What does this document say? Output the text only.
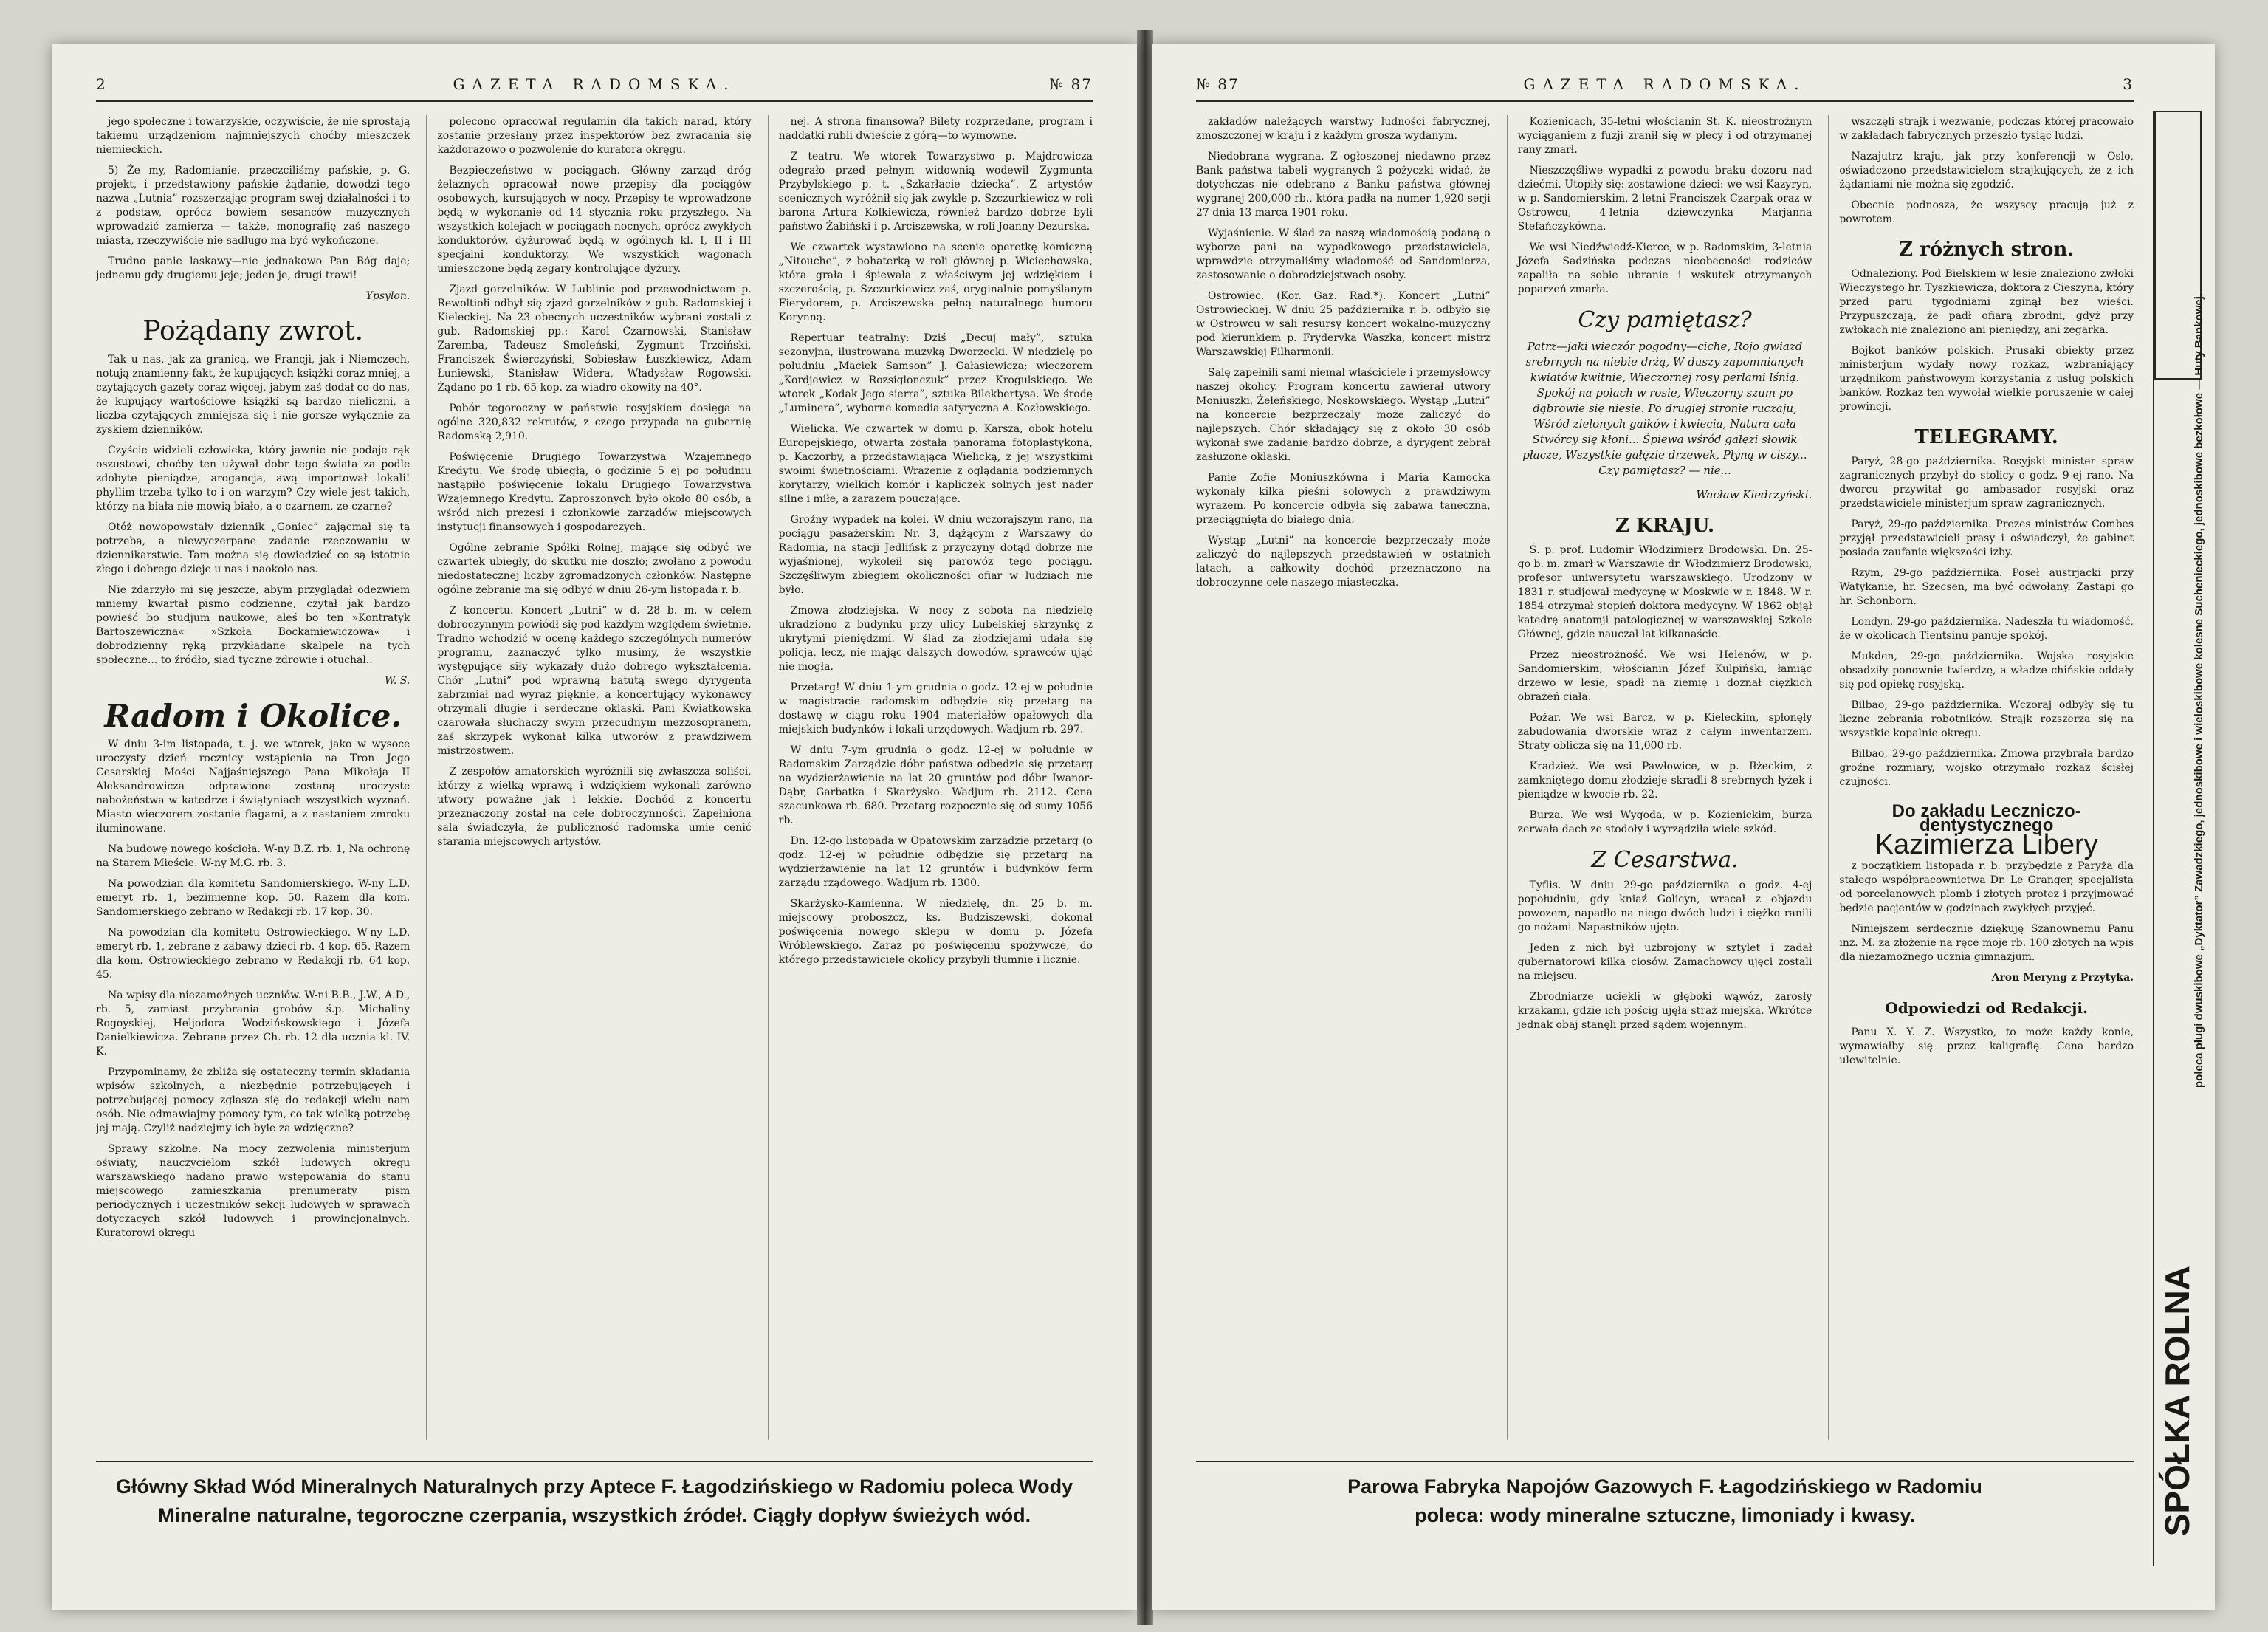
2	GAZETA RADOMSKA.	№ 87

jego społeczne i towarzyskie, oczywiście, że nie sprostają takiemu urządzeniom najmniejszych choćby mieszczek niemieckich.

5) Że my, Radomianie, przeczciliśmy pańskie, p. G. projekt, i przedstawiony pańskie żądanie, dowodzi tego nazwa „Lutnia” rozszerzając program swej działalności i to z podstaw, oprócz bowiem sesanców muzycznych wprowadzić zamierza — także, monografię zaś naszego miasta, rzeczywiście nie sadlugo ma być wykończone.

Trudno panie laskawy—nie jednakowo Pan Bóg daje; jednemu gdy drugiemu jeje; jeden je, drugi trawi!

Ypsylon.

Pożądany zwrot.

Tak u nas, jak za granicą, we Francji, jak i Niemczech, notują znamienny fakt, że kupujących książki coraz mniej, a czytających gazety coraz więcej, jabym zaś dodał co do nas, że kupujący wartościowe książki są bardzo nieliczni, a liczba czytających zmniejsza się i nie gorsze wyłącznie za zyskiem dzienników.

Czyście widzieli człowieka, który jawnie nie podaje rąk oszustowi, choćby ten używał dobr tego świata za podle zdobyte pieniądze, arogancja, awą importował lokali! phyllim trzeba tylko to i on warzym? Czy wiele jest takich, którzy na biała nie mowią biało, a o czarnem, ze czarne?

Otóż nowopowstały dziennik „Goniec” zającmał się tą potrzebą, a niewyczerpane zadanie rzeczowaniu w dziennikarstwie. Tam można się dowiedzieć co są istotnie złego i dobrego dzieje u nas i naokoło nas.

Nie zdarzyło mi się jeszcze, abym przyglądał odezwiem mniemy kwartał pismo codzienne, czytał jak bardzo powieść bo studjum naukowe, aleś bo ten »Kontratyk Bartoszewiczna« »Szkoła Bockamiewiczowa« i dobrodzienny ręką przykładane skalpele na tych społeczne... to źródło, siad tyczne zdrowie i otuchal..

W. S.

Radom i Okolice.

W dniu 3-im listopada, t. j. we wtorek, jako w wysoce uroczysty dzień rocznicy wstąpienia na Tron Jego Cesarskiej Mości Najjaśniejszego Pana Mikołaja II Aleksandrowicza odprawione zostaną uroczyste nabożeństwa w katedrze i świątyniach wszystkich wyznań. Miasto wieczorem zostanie flagami, a z nastaniem zmroku iluminowane.

Na budowę nowego kościoła. W-ny B.Z. rb. 1, Na ochronę na Starem Mieście. W-ny M.G. rb. 3.

Na powodzian dla komitetu Sandomierskiego. W-ny L.D. emeryt rb. 1, bezimienne kop. 50. Razem dla kom. Sandomierskiego zebrano w Redakcji rb. 17 kop. 30.

Na powodzian dla komitetu Ostrowieckiego. W-ny L.D. emeryt rb. 1, zebrane z zabawy dzieci rb. 4 kop. 65. Razem dla kom. Ostrowieckiego zebrano w Redakcji rb. 64 kop. 45.

Na wpisy dla niezamożnych uczniów. W-ni B.B., J.W., A.D., rb. 5, zamiast przybrania grobów ś.p. Michaliny Rogoyskiej, Heljodora Wodzińskowskiego i Józefa Danielkiewicza. Zebrane przez Ch. rb. 12 dla ucznia kl. IV. K.

Przypominamy, że zbliża się ostateczny termin składania wpisów szkolnych, a niezbędnie potrzebujących i potrzebującej pomocy zglasza się do redakcji wielu nam osób. Nie odmawiajmy pomocy tym, co tak wielką potrzebę jej mają. Czyliż nadziejmy ich byle za wdzięczne?

Sprawy szkolne. Na mocy zezwolenia ministerjum oświaty, nauczycielom szkół ludowych okręgu warszawskiego nadano prawo wstępowania do stanu miejscowego zamieszkania prenumeraty pism periodycznych i uczestników sekcji ludowych w sprawach dotyczących szkół ludowych i prowincjonalnych. Kuratorowi okręgu

polecono opracował regulamin dla takich narad, który zostanie przesłany przez inspektorów bez zwracania się każdorazowo o pozwolenie do kuratora okręgu.

Bezpieczeństwo w pociągach. Główny zarząd dróg żelaznych opracował nowe przepisy dla pociągów osobowych, kursujących w nocy. Przepisy te wprowadzone będą w wykonanie od 14 stycznia roku przyszłego. Na wszystkich kolejach w pociągach nocnych, oprócz zwykłych konduktorów, dyżurować będą w ogólnych kl. I, II i III specjalni konduktorzy. We wszystkich wagonach umieszczone będą zegary kontrolujące dyżury.

Zjazd gorzelników. W Lublinie pod przewodnictwem p. Rewoltiołi odbył się zjazd gorzelników z gub. Radomskiej i Kieleckiej. Na 23 obecnych uczestników wybrani zostali z gub. Radomskiej pp.: Karol Czarnowski, Stanisław Zaremba, Tadeusz Smoleński, Zygmunt Trzciński, Franciszek Świerczyński, Sobiesław Łuszkiewicz, Adam Łuniewski, Stanisław Widera, Władysław Rogowski. Żądano po 1 rb. 65 kop. za wiadro okowity na 40°.

Pobór tegoroczny w państwie rosyjskiem dosięga na ogólne 320,832 rekrutów, z czego przypada na gubernię Radomską 2,910.

Poświęcenie Drugiego Towarzystwa Wzajemnego Kredytu. We środę ubiegłą, o godzinie 5 ej po południu nastąpiło poświęcenie lokalu Drugiego Towarzystwa Wzajemnego Kredytu. Zaproszonych było około 80 osób, a wśród nich prezesi i członkowie zarządów miejscowych instytucji finansowych i gospodarczych.

Ogólne zebranie Spółki Rolnej, mające się odbyć we czwartek ubiegły, do skutku nie doszło; zwołano z powodu niedostatecznej liczby zgromadzonych członków. Następne ogólne zebranie ma się odbyć w dniu 26-ym listopada r. b.

Z koncertu. Koncert „Lutni” w d. 28 b. m. w celem dobroczynnym powiódł się pod każdym względem świetnie. Tradno wchodzić w ocenę każdego szczególnych numerów programu, zaznaczyć tylko musimy, że wszystkie występujące siły wykazały dużo dobrego wykształcenia. Chór „Lutni” pod wprawną batutą swego dyrygenta zabrzmiał nad wyraz pięknie, a koncertujący wykonawcy otrzymali długie i serdeczne oklaski. Pani Kwiatkowska czarowała słuchaczy swym przecudnym mezzosopranem, zaś skrzypek wykonał kilka utworów z prawdziwem mistrzostwem.

Z zespołów amatorskich wyróżnili się zwłaszcza soliści, którzy z wielką wprawą i wdziękiem wykonali zarówno utwory poważne jak i lekkie. Dochód z koncertu przeznaczony został na cele dobroczynności. Zapełniona sala świadczyła, że publiczność radomska umie cenić starania miejscowych artystów.

nej. A strona finansowa? Bilety rozprzedane, program i naddatki rubli dwieście z górą—to wymowne.

Z teatru. We wtorek Towarzystwo p. Majdrowicza odegrało przed pełnym widownią wodewil Zygmunta Przybylskiego p. t. „Szkarłacie dziecka”. Z artystów scenicznych wyróżnił się jak zwykle p. Szczurkiewicz w roli barona Artura Kolkiewicza, również bardzo dobrze byli państwo Żabiński i p. Arciszewska, w roli Joanny Dezurska.

We czwartek wystawiono na scenie operetkę komiczną „Nitouche”, z bohaterką w roli głównej p. Wiciechowska, która grała i śpiewała z właściwym jej wdziękiem i szczerością, p. Szczurkiewicz zaś, oryginalnie pomyślanym Fierydorem, p. Arciszewska pełną naturalnego humoru Korynną.

Repertuar teatralny: Dziś „Decuj mały”, sztuka sezonyjna, ilustrowana muzyką Dworzecki. W niedzielę po południu „Maciek Samson” J. Gałasiewicza; wieczorem „Kordjewicz w Rozsiglonczuk” przez Krogulskiego. We wtorek „Kodak Jego sierra”, sztuka Bilekbertysa. We środę „Luminera”, wyborne komedia satyryczna A. Kozłowskiego.

Wielicka. We czwartek w domu p. Karsza, obok hotelu Europejskiego, otwarta została panorama fotoplastykona, p. Kaczorby, a przedstawiająca Wielicką, z jej wszystkimi swoimi świetnościami. Wrażenie z oglądania podziemnych korytarzy, wielkich komór i kapliczek solnych jest nader silne i miłe, a zarazem pouczające.

Groźny wypadek na kolei. W dniu wczorajszym rano, na pociągu pasażerskim Nr. 3, dążącym z Warszawy do Radomia, na stacji Jedlińsk z przyczyny dotąd dobrze nie wyjaśnionej, wykoleił się parowóz tego pociągu. Szczęśliwym zbiegiem okoliczności ofiar w ludziach nie było.

Zmowa złodziejska. W nocy z sobota na niedzielę ukradziono z budynku przy ulicy Lubelskiej skrzynkę z ukrytymi pieniędzmi. W ślad za złodziejami udała się policja, lecz, nie mając dalszych dowodów, sprawców ująć nie mogła.

Przetarg! W dniu 1-ym grudnia o godz. 12-ej w południe w magistracie radomskim odbędzie się przetarg na dostawę w ciągu roku 1904 materiałów opałowych dla miejskich budynków i lokali urzędowych. Wadjum rb. 297.

W dniu 7-ym grudnia o godz. 12-ej w południe w Radomskim Zarządzie dóbr państwa odbędzie się przetarg na wydzierżawienie na lat 20 gruntów pod dóbr Iwanor-Dąbr, Garbatka i Skarżysko. Wadjum rb. 2112. Cena szacunkowa rb. 680. Przetarg rozpocznie się od sumy 1056 rb.

Dn. 12-go listopada w Opatowskim zarządzie przetarg (o godz. 12-ej w południe odbędzie się przetarg na wydzierżawienie na lat 12 gruntów i budynków ferm zarządu rządowego. Wadjum rb. 1300.

Skarżysko-Kamienna. W niedzielę, dn. 25 b. m. miejscowy proboszcz, ks. Budziszewski, dokonał poświęcenia nowego sklepu w domu p. Józefa Wróblewskiego. Zaraz po poświęceniu spożywcze, do którego przedstawiciele okolicy przybyli tłumnie i licznie.

Główny Skład Wód Mineralnych Naturalnych przy Aptece F. Łagodzińskiego w Radomiu poleca Wody
Mineralne naturalne, tegoroczne czerpania, wszystkich źródeł. Ciągły dopływ świeżych wód.
№ 87	GAZETA RADOMSKA.	3

zakładów należących warstwy ludności fabrycznej, zmoszczonej w kraju i z każdym grosza wydanym.

Niedobrana wygrana. Z ogłoszonej niedawno przez Bank państwa tabeli wygranych 2 pożyczki widać, że dotychczas nie odebrano z Banku państwa głównej wygranej 200,000 rb., która padła na numer 1,920 serji 27 dnia 13 marca 1901 roku.

Wyjaśnienie. W ślad za naszą wiadomością podaną o wyborze pani na wypadkowego przedstawiciela, wprawdzie otrzymaliśmy wiadomość od Sandomierza, zastosowanie o dobrodziejstwach osoby.

Ostrowiec. (Kor. Gaz. Rad.*). Koncert „Lutni” Ostrowieckiej. W dniu 25 października r. b. odbyło się w Ostrowcu w sali resursy koncert wokalno-muzyczny pod kierunkiem p. Fryderyka Waszka, koncert mistrz Warszawskiej Filharmonii.

Salę zapełnili sami niemal właściciele i przemysłowcy naszej okolicy. Program koncertu zawierał utwory Moniuszki, Żeleńskiego, Noskowskiego. Wystąp „Lutni” na koncercie bezprzeczaly może zaliczyć do najlepszych. Chór składający się z około 30 osób wykonał swe zadanie bardzo dobrze, a dyrygent zebrał zasłużone oklaski.

Panie Zofie Moniuszkówna i Maria Kamocka wykonały kilka pieśni solowych z prawdziwym wyrazem. Po koncercie odbyła się zabawa taneczna, przeciągnięta do białego dnia.

Wystąp „Lutni” na koncercie bezprzeczały może zaliczyć do najlepszych przedstawień w ostatnich latach, a całkowity dochód przeznaczono na dobroczynne cele naszego miasteczka.

Kozienicach, 35-letni włościanin St. K. nieostrożnym wyciąganiem z fuzji zranił się w plecy i od otrzymanej rany zmarł.

Nieszczęśliwe wypadki z powodu braku dozoru nad dziećmi. Utopiły się: zostawione dzieci: we wsi Kazyryn, w p. Sandomierskim, 2-letni Franciszek Czarpak oraz w Ostrowcu, 4-letnia dziewczynka Marjanna Stefańczykówna.

We wsi Niedźwiedź-Kierce, w p. Radomskim, 3-letnia Józefa Sadzińska podczas nieobecności rodziców zapaliła na sobie ubranie i wskutek otrzymanych poparzeń zmarła.

Czy pamiętasz?

Patrz—jaki wieczór pogodny—ciche, Rojo gwiazd srebrnych na niebie drżą, W duszy zapomnianych kwiatów kwitnie, Wieczornej rosy perlami lśnią. Spokój na polach w rosie, Wieczorny szum po dąbrowie się niesie. Po drugiej stronie ruczaju, Wśród zielonych gaików i kwiecia, Natura cała Stwórcy się kłoni... Śpiewa wśród gałęzi słowik płacze, Wszystkie gałęzie drzewek, Płyną w ciszy... Czy pamiętasz? — nie...

Wacław Kiedrzyński.

Z KRAJU.

Ś. p. prof. Ludomir Włodzimierz Brodowski. Dn. 25-go b. m. zmarł w Warszawie dr. Włodzimierz Brodowski, profesor uniwersytetu warszawskiego. Urodzony w 1831 r. studjował medycynę w Moskwie w r. 1848. W r. 1854 otrzymał stopień doktora medycyny. W 1862 objął katedrę anatomji patologicznej w warszawskiej Szkole Głównej, gdzie nauczał lat kilkanaście.

Przez nieostrożność. We wsi Helenów, w p. Sandomierskim, włościanin Józef Kulpiński, łamiąc drzewo w lesie, spadł na ziemię i doznał ciężkich obrażeń ciała.

Pożar. We wsi Barcz, w p. Kieleckim, spłonęły zabudowania dworskie wraz z całym inwentarzem. Straty oblicza się na 11,000 rb.

Kradzież. We wsi Pawłowice, w p. Iłżeckim, z zamkniętego domu złodzieje skradli 8 srebrnych łyżek i pieniądze w kwocie rb. 22.

Burza. We wsi Wygoda, w p. Kozienickim, burza zerwała dach ze stodoły i wyrządziła wiele szkód.

Z Cesarstwa.

Tyflis. W dniu 29-go października o godz. 4-ej popołudniu, gdy kniaź Golicyn, wracał z objazdu powozem, napadło na niego dwóch ludzi i ciężko ranili go nożami. Napastników ujęto.

Jeden z nich był uzbrojony w sztylet i zadał gubernatorowi kilka ciosów. Zamachowcy ujęci zostali na miejscu.

Zbrodniarze uciekli w głęboki wąwóz, zarosły krzakami, gdzie ich pościg ujęła straż miejska. Wkrótce jednak obaj stanęli przed sądem wojennym.

wszczęli strajk i wezwanie, podczas której pracowało w zakładach fabrycznych przeszło tysiąc ludzi.

Nazajutrz kraju, jak przy konferencji w Oslo, oświadczono przedstawicielom strajkujących, że z ich żądaniami nie można się zgodzić.

Obecnie podnoszą, że wszyscy pracują już z powrotem.

Z różnych stron.

Odnaleziony. Pod Bielskiem w lesie znaleziono zwłoki Wieczystego hr. Tyszkiewicza, doktora z Cieszyna, który przed paru tygodniami zginął bez wieści. Przypuszczają, że padł ofiarą zbrodni, gdyż przy zwłokach nie znaleziono ani pieniędzy, ani zegarka.

Bojkot banków polskich. Prusaki obiekty przez ministerjum wydały nowy rozkaz, wzbraniający urzędnikom państwowym korzystania z usług polskich banków. Rozkaz ten wywołał wielkie poruszenie w całej prowincji.

TELEGRAMY.

Paryż, 28-go października. Rosyjski minister spraw zagranicznych przybył do stolicy o godz. 9-ej rano. Na dworcu przywitał go ambasador rosyjski oraz przedstawiciele ministerjum spraw zagranicznych.

Paryż, 29-go października. Prezes ministrów Combes przyjął przedstawicieli prasy i oświadczył, że gabinet posiada zaufanie większości izby.

Rzym, 29-go października. Poseł austrjacki przy Watykanie, hr. Szecsen, ma być odwołany. Zastąpi go hr. Schonborn.

Londyn, 29-go października. Nadeszła tu wiadomość, że w okolicach Tientsinu panuje spokój.

Mukden, 29-go października. Wojska rosyjskie obsadziły ponownie twierdzę, a władze chińskie oddały się pod opiekę rosyjską.

Bilbao, 29-go października. Wczoraj odbyły się tu liczne zebrania robotników. Strajk rozszerza się na wszystkie kopalnie okręgu.

Bilbao, 29-go października. Zmowa przybrała bardzo groźne rozmiary, wojsko otrzymało rozkaz ścisłej czujności.

Do zakładu Leczniczo-dentystycznego
Kazimierza Libery

z początkiem listopada r. b. przybędzie z Paryża dla stałego współpracownictwa Dr. Le Granger, specjalista od porcelanowych plomb i złotych protez i przyjmować będzie pacjentów w godzinach zwykłych przyjęć.

Niniejszem serdecznie dziękuję Szanownemu Panu inż. M. za złożenie na ręce moje rb. 100 złotych na wpis dla niezamożnego ucznia gimnazjum.

Aron Meryng z Przytyka.

Odpowiedzi od Redakcji.

Panu X. Y. Z. Wszystko, to może każdy konie, wymawiałby się przez kaligrafię. Cena bardzo ulewitelnie.	poleca pługi dwuskibowe „Dyktator” Zawadzkiego, jednoskibowe i wieloskibowe kolesne Suchenieckiego, jednoskibowe bezkołowe — Huty Bankowej.
SPÓŁKA ROLNA
Parowa Fabryka Napojów Gazowych F. Łagodzińskiego w Radomiu
poleca: wody mineralne sztuczne, limoniady i kwasy.
